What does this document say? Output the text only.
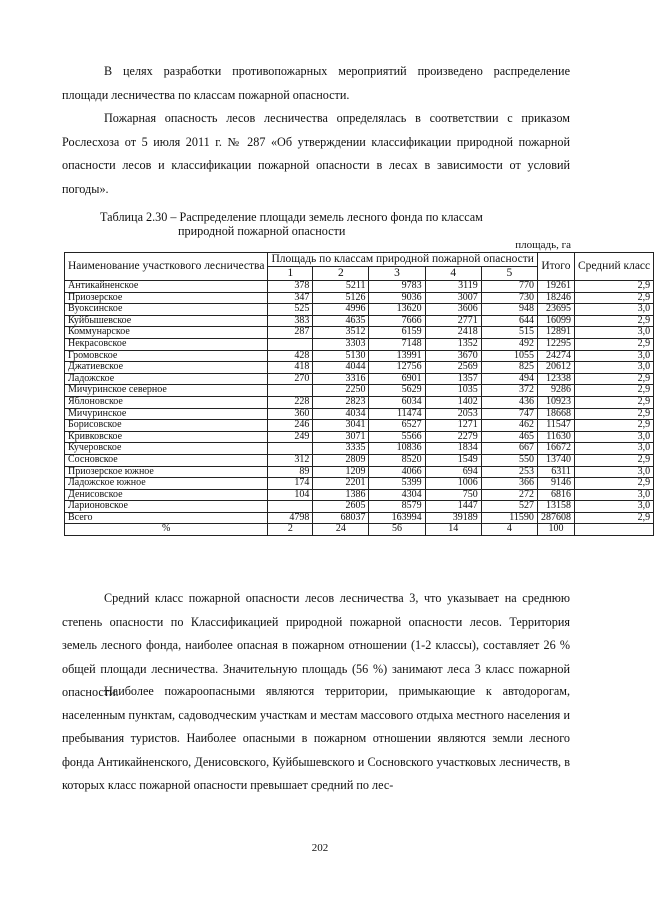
В целях разработки противопожарных мероприятий произведено распределение площади лесничества по классам пожарной опасности.

Пожарная опасность лесов лесничества определялась в соответствии с приказом Рослесхоза от 5 июля 2011 г. № 287 «Об утверждении классификации природной пожарной опасности лесов и классификации пожарной опасности в лесах в зависимости от условий погоды».

Таблица 2.30 – Распределение площади земель лесного фонда по классам
природной пожарной опасности
площадь, га
Наименование участкового лесничества	Площадь по классам природной пожарной опасности					Итого	Средний класс

	1	2	3	4	5		
Антикайненское	378	5211	9783	3119	770	19261	2,9
Приозерское	347	5126	9036	3007	730	18246	2,9
Вуоксинское	525	4996	13620	3606	948	23695	3,0
Куйбышевское	383	4635	7666	2771	644	16099	2,9
Коммунарское	287	3512	6159	2418	515	12891	3,0
Некрасовское		3303	7148	1352	492	12295	2,9
Громовское	428	5130	13991	3670	1055	24274	3,0
Джатиевское	418	4044	12756	2569	825	20612	3,0
Ладожское	270	3316	6901	1357	494	12338	2,9
Мичуринское северное		2250	5629	1035	372	9286	2,9
Яблоновское	228	2823	6034	1402	436	10923	2,9
Мичуринское	360	4034	11474	2053	747	18668	2,9
Борисовское	246	3041	6527	1271	462	11547	2,9
Кривковское	249	3071	5566	2279	465	11630	3,0
Кучеровское		3335	10836	1834	667	16672	3,0
Сосновское	312	2809	8520	1549	550	13740	2,9
Приозерское южное	89	1209	4066	694	253	6311	3,0
Ладожское южное	174	2201	5399	1006	366	9146	2,9
Денисовское	104	1386	4304	750	272	6816	3,0
Ларионовское		2605	8579	1447	527	13158	3,0
Всего	4798	68037	163994	39189	11590	287608	2,9
%	2	24	56	14	4	100	

Средний класс пожарной опасности лесов лесничества 3, что указывает на среднюю степень опасности по Классификацией природной пожарной опасности лесов. Территория земель лесного фонда, наиболее опасная в пожарном отношении (1-2 классы), составляет 26 % общей площади лесничества. Значительную площадь (56 %) занимают леса 3 класс пожарной опасности.

Наиболее пожароопасными являются территории, примыкающие к автодорогам, населенным пунктам, садоводческим участкам и местам массового отдыха местного населения и пребывания туристов. Наиболее опасными в пожарном отношении являются земли лесного фонда Антикайненского, Денисовского, Куйбышевского и Сосновского участковых лесничеств, в которых класс пожарной опасности превышает средний по лес-

202
